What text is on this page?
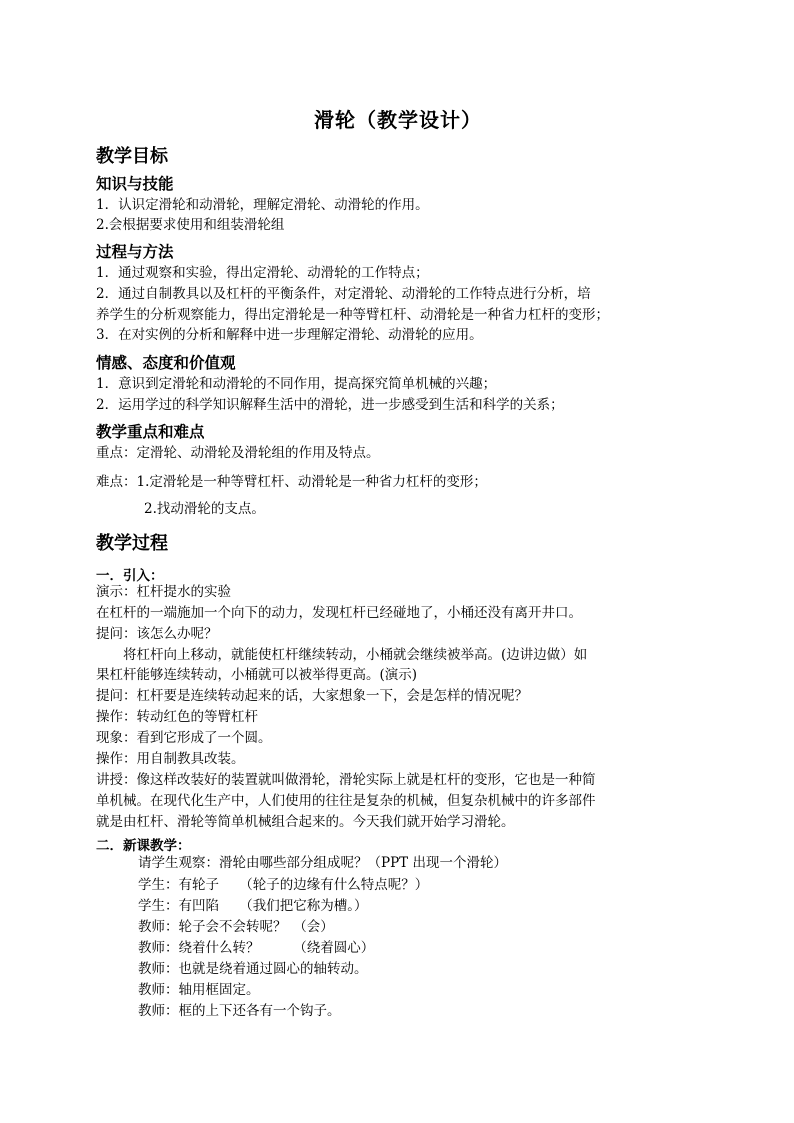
滑轮（教学设计）
教学目标
知识与技能
1．认识定滑轮和动滑轮，理解定滑轮、动滑轮的作用。
2.会根据要求使用和组装滑轮组
过程与方法
1．通过观察和实验，得出定滑轮、动滑轮的工作特点；
2．通过自制教具以及杠杆的平衡条件，对定滑轮、动滑轮的工作特点进行分析，培
养学生的分析观察能力，得出定滑轮是一种等臂杠杆、动滑轮是一种省力杠杆的变形；
3．在对实例的分析和解释中进一步理解定滑轮、动滑轮的应用。
情感、态度和价值观
1．意识到定滑轮和动滑轮的不同作用，提高探究简单机械的兴趣；
2．运用学过的科学知识解释生活中的滑轮，进一步感受到生活和科学的关系；
教学重点和难点
重点：定滑轮、动滑轮及滑轮组的作用及特点。
难点：1.定滑轮是一种等臂杠杆、动滑轮是一种省力杠杆的变形；
2.找动滑轮的支点。
教学过程
一．引入：
演示：杠杆提水的实验
在杠杆的一端施加一个向下的动力，发现杠杆已经碰地了，小桶还没有离开井口。
提问：该怎么办呢？
　　将杠杆向上移动，就能使杠杆继续转动，小桶就会继续被举高。(边讲边做）如
果杠杆能够连续转动，小桶就可以被举得更高。(演示)
提问：杠杆要是连续转动起来的话，大家想象一下，会是怎样的情况呢？
操作：转动红色的等臂杠杆
现象：看到它形成了一个圆。
操作：用自制教具改装。
讲授：像这样改装好的装置就叫做滑轮，滑轮实际上就是杠杆的变形，它也是一种简
单机械。在现代化生产中，人们使用的往往是复杂的机械，但复杂机械中的许多部件
就是由杠杆、滑轮等简单机械组合起来的。今天我们就开始学习滑轮。
二．新课教学：
请学生观察：滑轮由哪些部分组成呢？（PPT 出现一个滑轮）
学生：有轮子　　（轮子的边缘有什么特点呢？）
学生：有凹陷　　（我们把它称为槽。）
教师：轮子会不会转呢？　（会）
教师：绕着什么转？　　　（绕着圆心）
教师：也就是绕着通过圆心的轴转动。
教师：轴用框固定。
教师：框的上下还各有一个钩子。
